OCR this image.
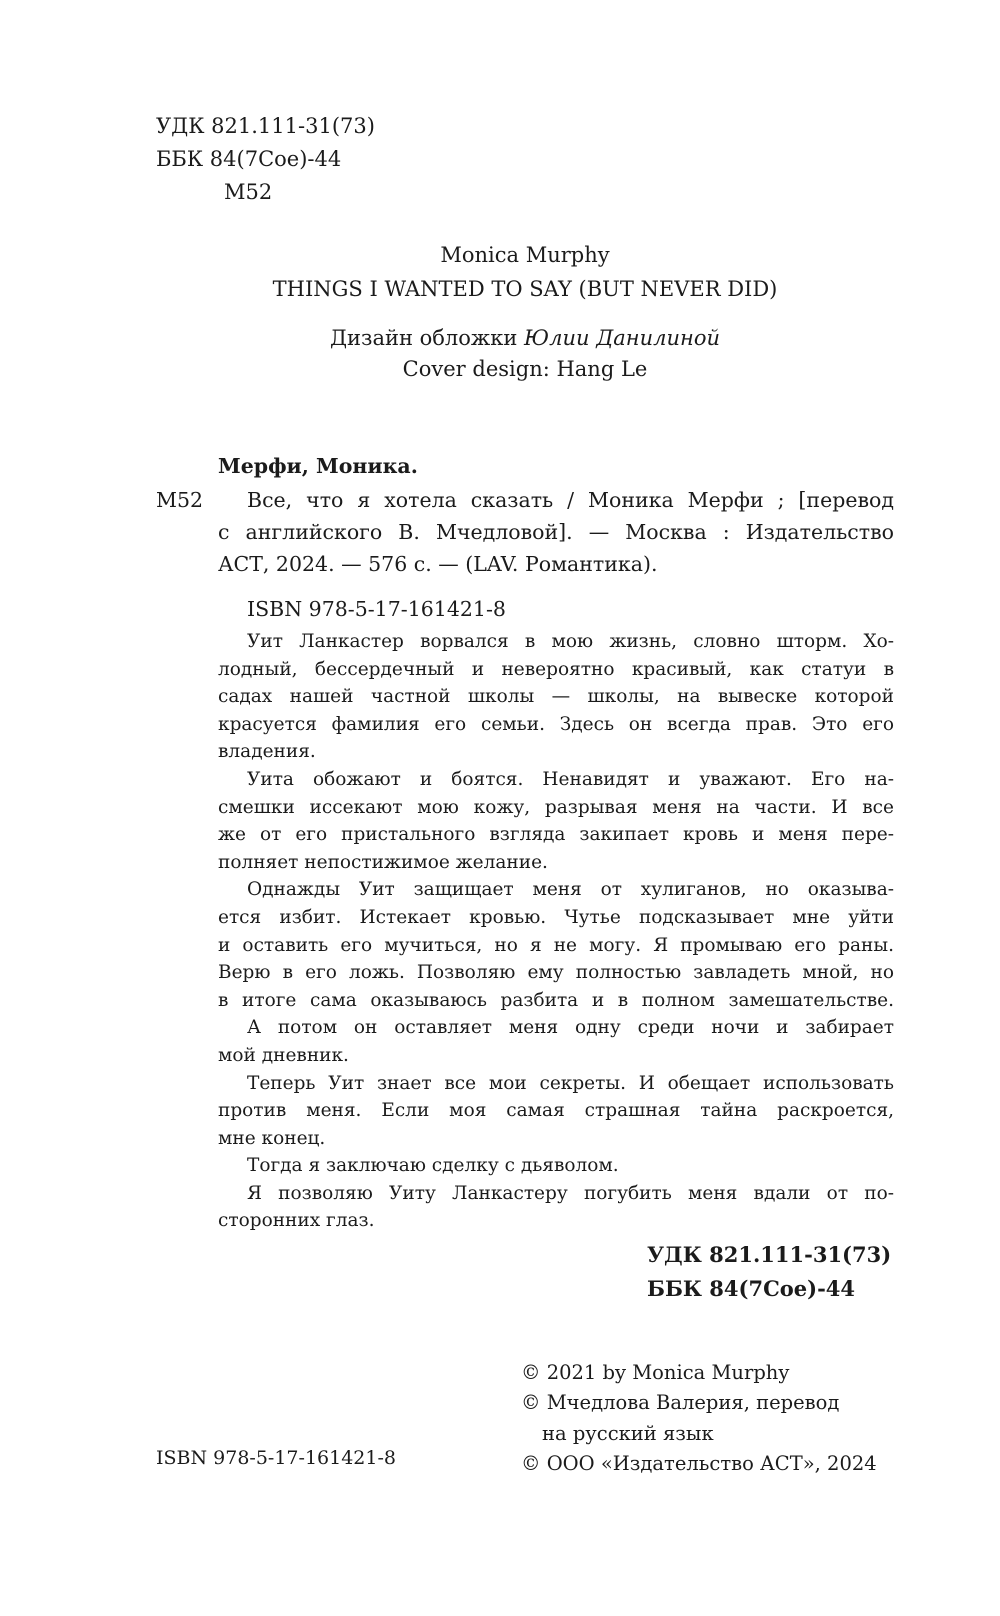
УДК 821.111-31(73)
ББК 84(7Сое)-44
М52
Monica Murphy
THINGS I WANTED TO SAY (BUT NEVER DID)
Дизайн обложки Юлии Данилиной
Cover design: Hang Le
Мерфи, Моника.
М52	Все, что я хотела сказать / Моника Мерфи ; [перевод
с английского В. Мчедловой]. — Москва : Издательство
АСТ, 2024. — 576 с. — (LAV. Романтика).
ISBN 978-5-17-161421-8
Уит Ланкастер ворвался в мою жизнь, словно шторм. Хо-
лодный, бессердечный и невероятно красивый, как статуи в
садах нашей частной школы — школы, на вывеске которой
красуется фамилия его семьи. Здесь он всегда прав. Это его
владения.
Уита обожают и боятся. Ненавидят и уважают. Его на-
смешки иссекают мою кожу, разрывая меня на части. И все
же от его пристального взгляда закипает кровь и меня пере-
полняет непостижимое желание.
Однажды Уит защищает меня от хулиганов, но оказыва-
ется избит. Истекает кровью. Чутье подсказывает мне уйти
и оставить его мучиться, но я не могу. Я промываю его раны.
Верю в его ложь. Позволяю ему полностью завладеть мной, но
в итоге сама оказываюсь разбита и в полном замешательстве.
А потом он оставляет меня одну среди ночи и забирает
мой дневник.
Теперь Уит знает все мои секреты. И обещает использовать
против меня. Если моя самая страшная тайна раскроется,
мне конец.
Тогда я заключаю сделку с дьяволом.
Я позволяю Уиту Ланкастеру погубить меня вдали от по-
сторонних глаз.
УДК 821.111-31(73)
ББК 84(7Сое)-44
© 2021 by Monica Murphy
© Мчедлова Валерия, перевод
на русский язык
© ООО «Издательство АСТ», 2024
ISBN 978-5-17-161421-8
